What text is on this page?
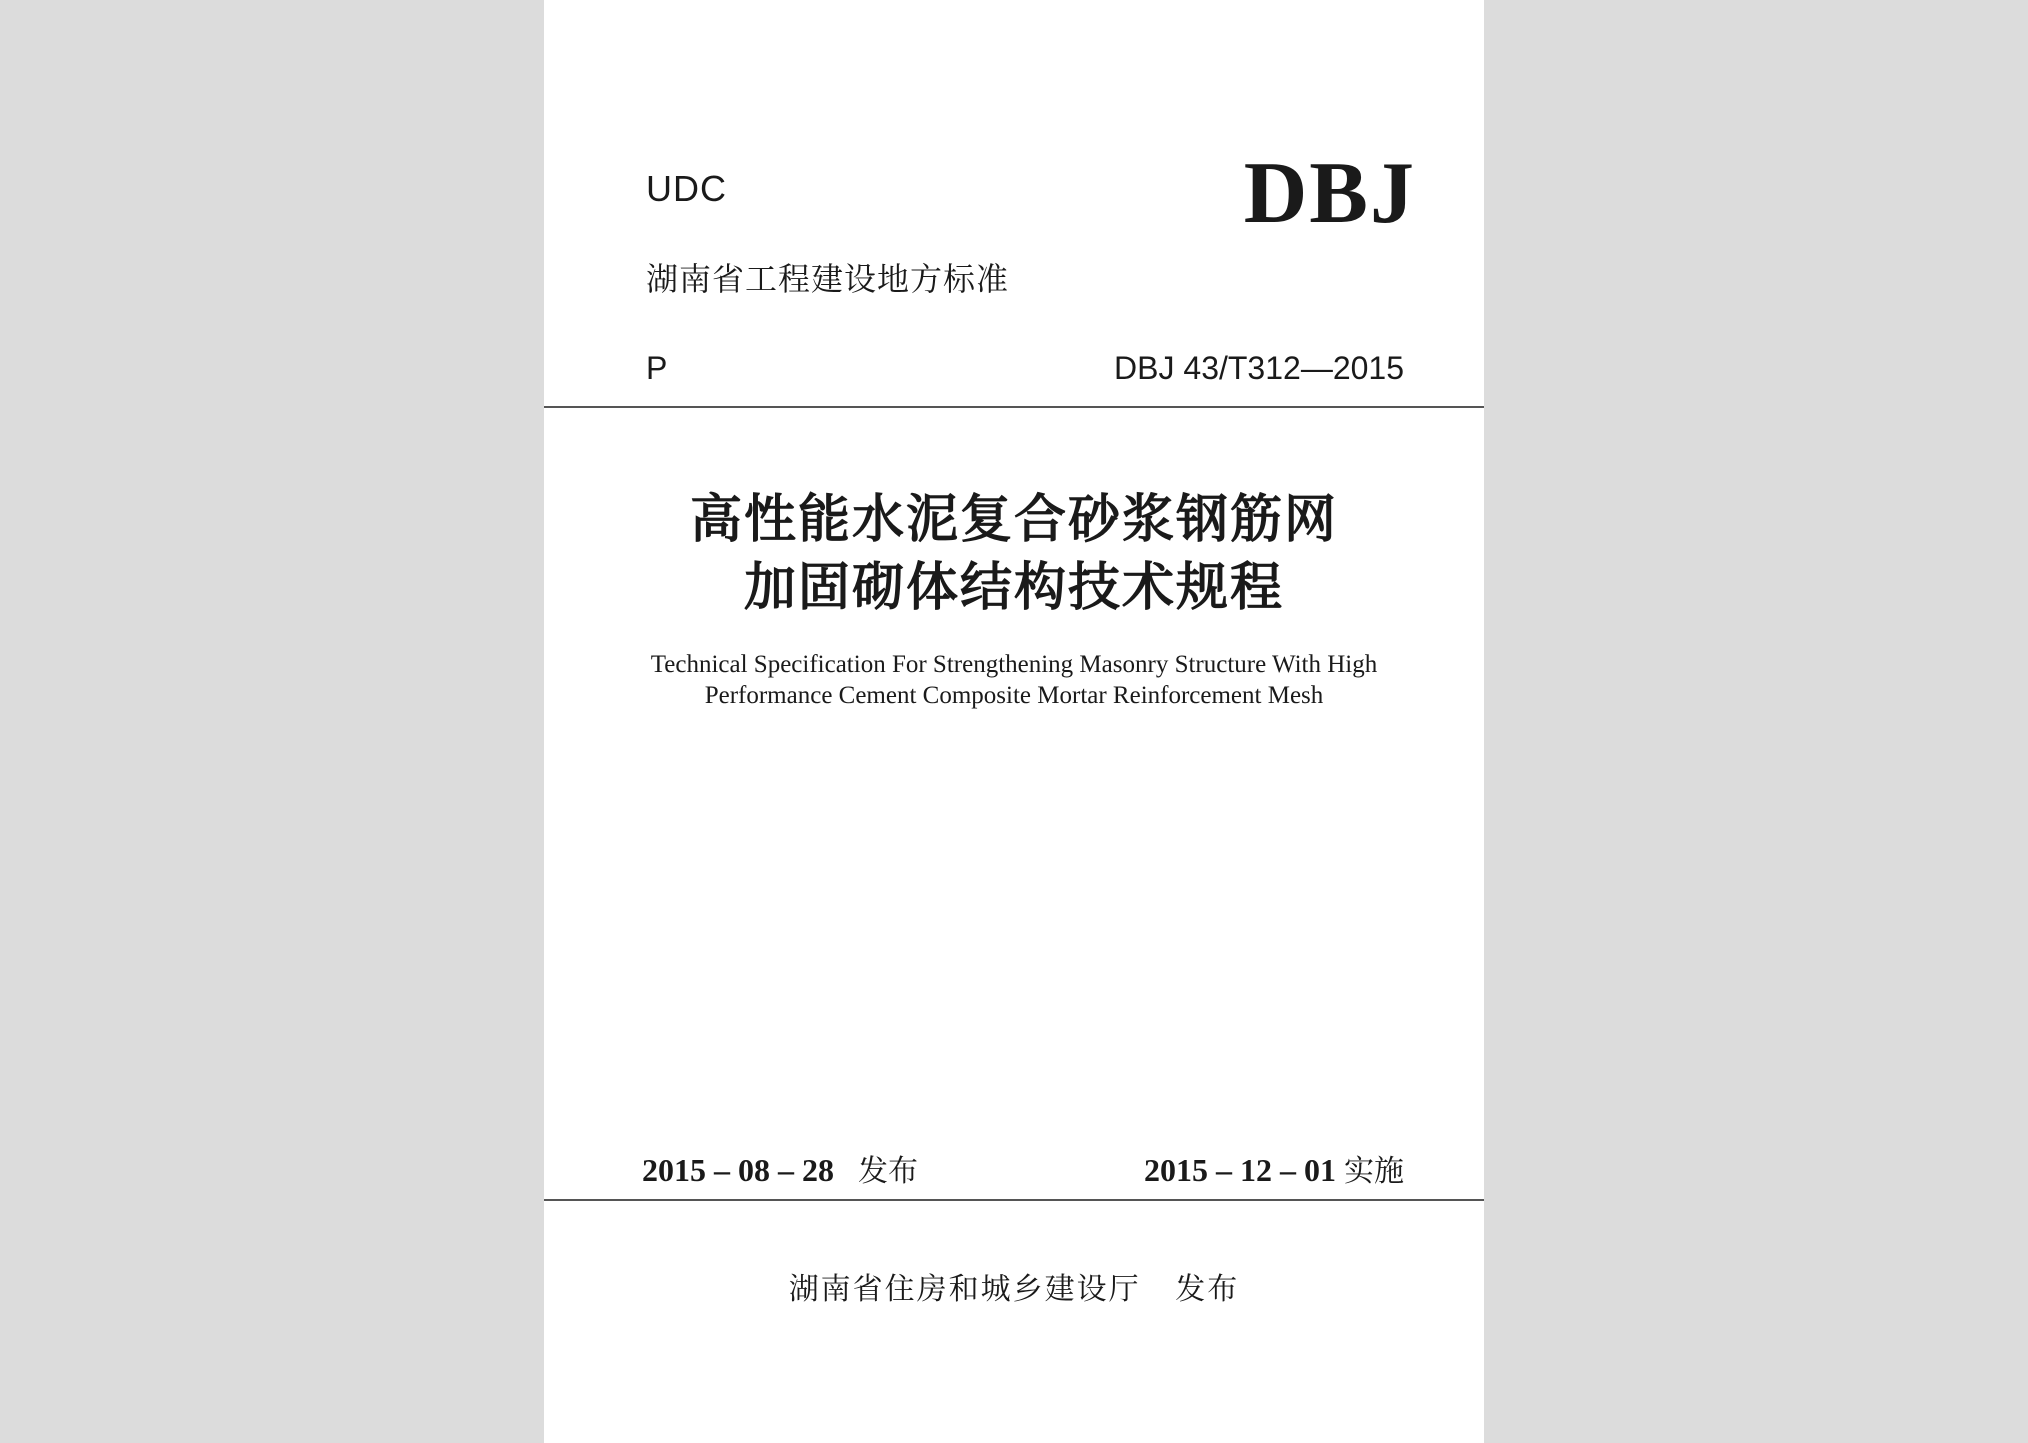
UDC	DBJ
湖南省工程建设地方标准
P	DBJ 43/T312—2015
高性能水泥复合砂浆钢筋网
加固砌体结构技术规程
Technical Specification For Strengthening Masonry Structure With High
Performance Cement Composite Mortar Reinforcement Mesh
2015 – 08 – 28 发布	2015 – 12 – 01 实施
湖南省住房和城乡建设厅 发布
